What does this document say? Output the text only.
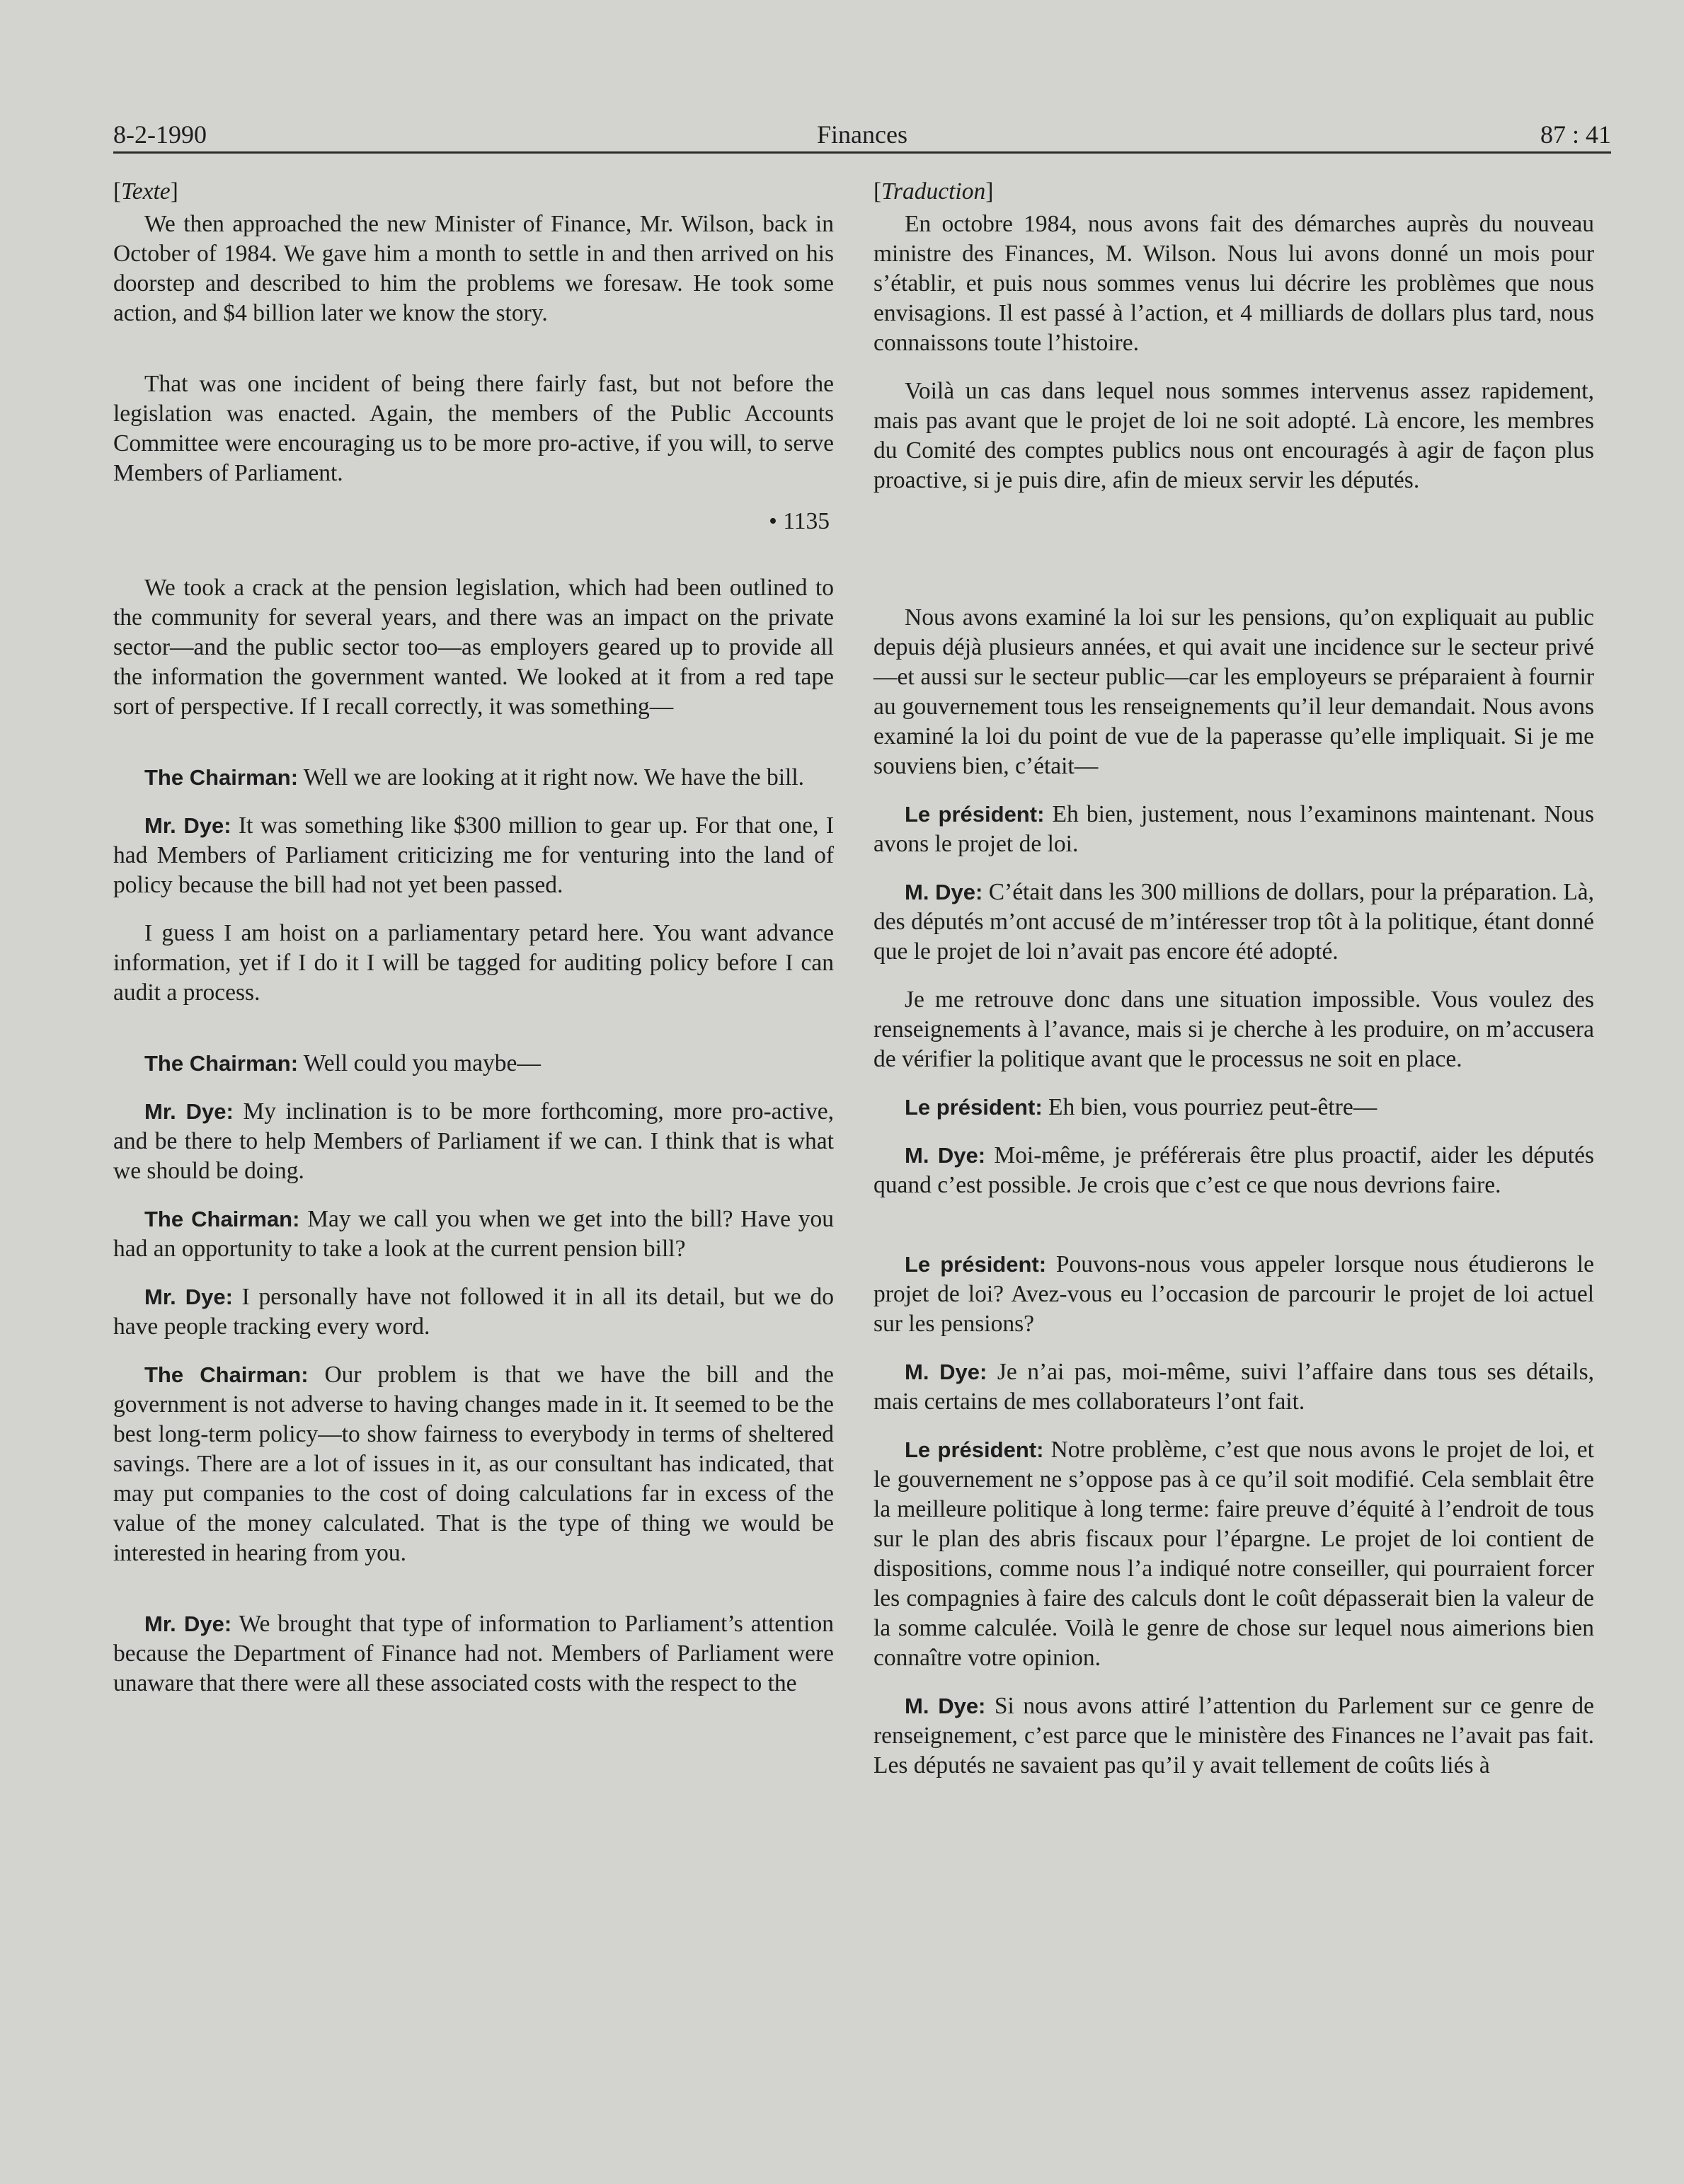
8-2-1990	Finances	87 : 41
[Texte]

We then approached the new Minister of Finance, Mr. Wilson, back in October of 1984. We gave him a month to settle in and then arrived on his doorstep and described to him the problems we foresaw. He took some action, and $4 billion later we know the story.

That was one incident of being there fairly fast, but not before the legislation was enacted. Again, the members of the Public Accounts Committee were encouraging us to be more pro-active, if you will, to serve Members of Parliament.

• 1135

We took a crack at the pension legislation, which had been outlined to the community for several years, and there was an impact on the private sector—and the public sector too—as employers geared up to provide all the information the government wanted. We looked at it from a red tape sort of perspective. If I recall correctly, it was something—

The Chairman: Well we are looking at it right now. We have the bill.

Mr. Dye: It was something like $300 million to gear up. For that one, I had Members of Parliament criticizing me for venturing into the land of policy because the bill had not yet been passed.

I guess I am hoist on a parliamentary petard here. You want advance information, yet if I do it I will be tagged for auditing policy before I can audit a process.

The Chairman: Well could you maybe—

Mr. Dye: My inclination is to be more forthcoming, more pro-active, and be there to help Members of Parliament if we can. I think that is what we should be doing.

The Chairman: May we call you when we get into the bill? Have you had an opportunity to take a look at the current pension bill?

Mr. Dye: I personally have not followed it in all its detail, but we do have people tracking every word.

The Chairman: Our problem is that we have the bill and the government is not adverse to having changes made in it. It seemed to be the best long-term policy—to show fairness to everybody in terms of sheltered savings. There are a lot of issues in it, as our consultant has indicated, that may put companies to the cost of doing calculations far in excess of the value of the money calculated. That is the type of thing we would be interested in hearing from you.

Mr. Dye: We brought that type of information to Parliament’s attention because the Department of Finance had not. Members of Parliament were unaware that there were all these associated costs with the respect to the

[Traduction]

En octobre 1984, nous avons fait des démarches auprès du nouveau ministre des Finances, M. Wilson. Nous lui avons donné un mois pour s’établir, et puis nous sommes venus lui décrire les problèmes que nous envisagions. Il est passé à l’action, et 4 milliards de dollars plus tard, nous connaissons toute l’histoire.

Voilà un cas dans lequel nous sommes intervenus assez rapidement, mais pas avant que le projet de loi ne soit adopté. Là encore, les membres du Comité des comptes publics nous ont encouragés à agir de façon plus proactive, si je puis dire, afin de mieux servir les députés.

Nous avons examiné la loi sur les pensions, qu’on expliquait au public depuis déjà plusieurs années, et qui avait une incidence sur le secteur privé—et aussi sur le secteur public—car les employeurs se préparaient à fournir au gouvernement tous les renseignements qu’il leur demandait. Nous avons examiné la loi du point de vue de la paperasse qu’elle impliquait. Si je me souviens bien, c’était—

Le président: Eh bien, justement, nous l’examinons maintenant. Nous avons le projet de loi.

M. Dye: C’était dans les 300 millions de dollars, pour la préparation. Là, des députés m’ont accusé de m’intéresser trop tôt à la politique, étant donné que le projet de loi n’avait pas encore été adopté.

Je me retrouve donc dans une situation impossible. Vous voulez des renseignements à l’avance, mais si je cherche à les produire, on m’accusera de vérifier la politique avant que le processus ne soit en place.

Le président: Eh bien, vous pourriez peut-être—

M. Dye: Moi-même, je préférerais être plus proactif, aider les députés quand c’est possible. Je crois que c’est ce que nous devrions faire.

Le président: Pouvons-nous vous appeler lorsque nous étudierons le projet de loi? Avez-vous eu l’occasion de parcourir le projet de loi actuel sur les pensions?

M. Dye: Je n’ai pas, moi-même, suivi l’affaire dans tous ses détails, mais certains de mes collaborateurs l’ont fait.

Le président: Notre problème, c’est que nous avons le projet de loi, et le gouvernement ne s’oppose pas à ce qu’il soit modifié. Cela semblait être la meilleure politique à long terme: faire preuve d’équité à l’endroit de tous sur le plan des abris fiscaux pour l’épargne. Le projet de loi contient de dispositions, comme nous l’a indiqué notre conseiller, qui pourraient forcer les compagnies à faire des calculs dont le coût dépasserait bien la valeur de la somme calculée. Voilà le genre de chose sur lequel nous aimerions bien connaître votre opinion.

M. Dye: Si nous avons attiré l’attention du Parlement sur ce genre de renseignement, c’est parce que le ministère des Finances ne l’avait pas fait. Les députés ne savaient pas qu’il y avait tellement de coûts liés à
